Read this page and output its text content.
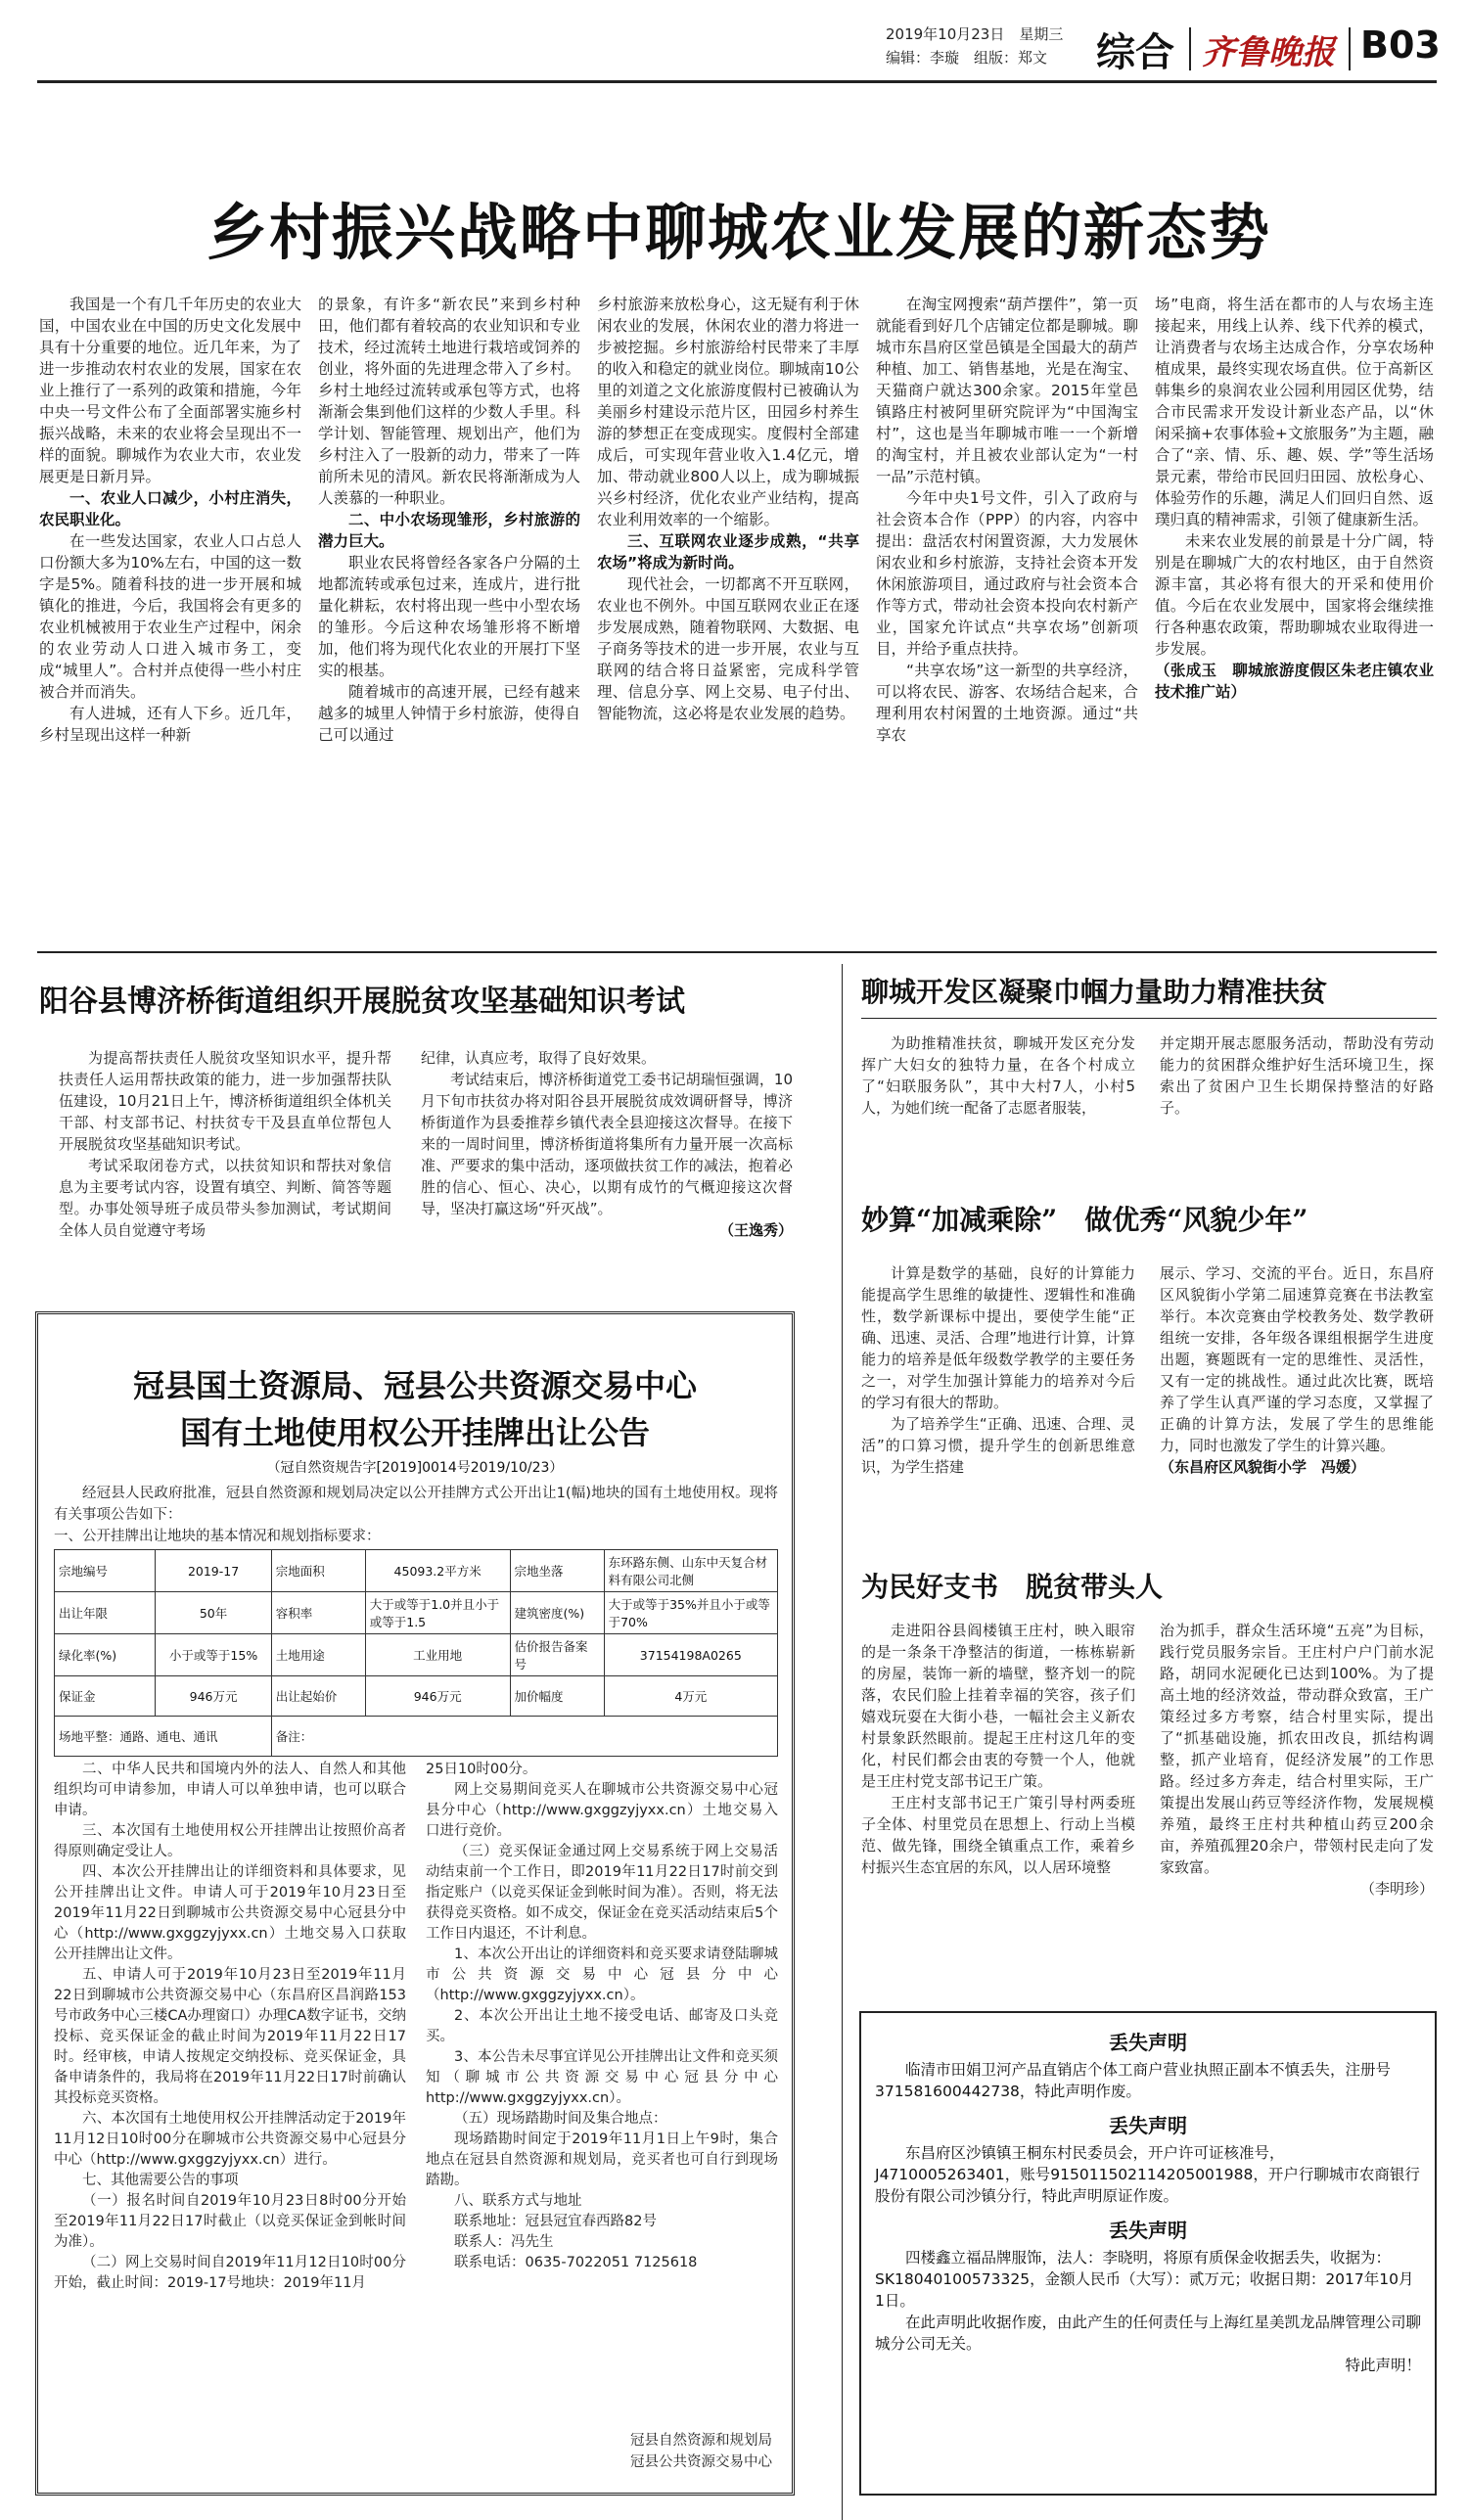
2019年10月23日　星期三
编辑：李璇　组版：郑文 综合 齐鲁晚报 B03
乡村振兴战略中聊城农业发展的新态势

我国是一个有几千年历史的农业大国，中国农业在中国的历史文化发展中具有十分重要的地位。近几年来，为了进一步推动农村农业的发展，国家在农业上推行了一系列的政策和措施，今年中央一号文件公布了全面部署实施乡村振兴战略，未来的农业将会呈现出不一样的面貌。聊城作为农业大市，农业发展更是日新月异。

一、农业人口减少，小村庄消失，农民职业化。

在一些发达国家，农业人口占总人口份额大多为10%左右，中国的这一数字是5%。随着科技的进一步开展和城镇化的推进，今后，我国将会有更多的农业机械被用于农业生产过程中，闲余的农业劳动人口进入城市务工，变成“城里人”。合村并点使得一些小村庄被合并而消失。

有人进城，还有人下乡。近几年，乡村呈现出这样一种新

的景象，有许多“新农民”来到乡村种田，他们都有着较高的农业知识和专业技术，经过流转土地进行栽培或饲养的创业，将外面的先进理念带入了乡村。乡村土地经过流转或承包等方式，也将渐渐会集到他们这样的少数人手里。科学计划、智能管理、规划出产，他们为乡村注入了一股新的动力，带来了一阵前所未见的清风。新农民将渐渐成为人人羡慕的一种职业。

二、中小农场现雏形，乡村旅游的潜力巨大。

职业农民将曾经各家各户分隔的土地都流转或承包过来，连成片，进行批量化耕耘，农村将出现一些中小型农场的雏形。今后这种农场雏形将不断增加，他们将为现代化农业的开展打下坚实的根基。

随着城市的高速开展，已经有越来越多的城里人钟情于乡村旅游，使得自己可以通过

乡村旅游来放松身心，这无疑有利于休闲农业的发展，休闲农业的潜力将进一步被挖掘。乡村旅游给村民带来了丰厚的收入和稳定的就业岗位。聊城南10公里的刘道之文化旅游度假村已被确认为美丽乡村建设示范片区，田园乡村养生游的梦想正在变成现实。度假村全部建成后，可实现年营业收入1.4亿元，增加、带动就业800人以上，成为聊城振兴乡村经济，优化农业产业结构，提高农业利用效率的一个缩影。

三、互联网农业逐步成熟，“共享农场”将成为新时尚。

现代社会，一切都离不开互联网，农业也不例外。中国互联网农业正在逐步发展成熟，随着物联网、大数据、电子商务等技术的进一步开展，农业与互联网的结合将日益紧密，完成科学管理、信息分享、网上交易、电子付出、智能物流，这必将是农业发展的趋势。

在淘宝网搜索“葫芦摆件”，第一页就能看到好几个店铺定位都是聊城。聊城市东昌府区堂邑镇是全国最大的葫芦种植、加工、销售基地，光是在淘宝、天猫商户就达300余家。2015年堂邑镇路庄村被阿里研究院评为“中国淘宝村”，这也是当年聊城市唯一一个新增的淘宝村，并且被农业部认定为“一村一品”示范村镇。

今年中央1号文件，引入了政府与社会资本合作（PPP）的内容，内容中提出：盘活农村闲置资源，大力发展休闲农业和乡村旅游，支持社会资本开发休闲旅游项目，通过政府与社会资本合作等方式，带动社会资本投向农村新产业，国家允许试点“共享农场”创新项目，并给予重点扶持。

“共享农场”这一新型的共享经济，可以将农民、游客、农场结合起来，合理利用农村闲置的土地资源。通过“共享农

场”电商，将生活在都市的人与农场主连接起来，用线上认养、线下代养的模式，让消费者与农场主达成合作，分享农场种植成果，最终实现农场直供。位于高新区韩集乡的泉润农业公园利用园区优势，结合市民需求开发设计新业态产品，以“休闲采摘+农事体验+文旅服务”为主题，融合了“亲、情、乐、趣、娱、学”等生活场景元素，带给市民回归田园、放松身心、体验劳作的乐趣，满足人们回归自然、返璞归真的精神需求，引领了健康新生活。

未来农业发展的前景是十分广阔，特别是在聊城广大的农村地区，由于自然资源丰富，其必将有很大的开采和使用价值。今后在农业发展中，国家将会继续推行各种惠农政策，帮助聊城农业取得进一步发展。

（张成玉　聊城旅游度假区朱老庄镇农业技术推广站）

阳谷县博济桥街道组织开展脱贫攻坚基础知识考试

为提高帮扶责任人脱贫攻坚知识水平，提升帮扶责任人运用帮扶政策的能力，进一步加强帮扶队伍建设，10月21日上午，博济桥街道组织全体机关干部、村支部书记、村扶贫专干及县直单位帮包人开展脱贫攻坚基础知识考试。

考试采取闭卷方式，以扶贫知识和帮扶对象信息为主要考试内容，设置有填空、判断、简答等题型。办事处领导班子成员带头参加测试，考试期间全体人员自觉遵守考场

纪律，认真应考，取得了良好效果。

考试结束后，博济桥街道党工委书记胡瑞恒强调，10月下旬市扶贫办将对阳谷县开展脱贫成效调研督导，博济桥街道作为县委推荐乡镇代表全县迎接这次督导。在接下来的一周时间里，博济桥街道将集所有力量开展一次高标准、严要求的集中活动，逐项做扶贫工作的减法，抱着必胜的信心、恒心、决心，以期有成竹的气概迎接这次督导，坚决打赢这场“歼灭战”。

（王逸秀）

冠县国土资源局、冠县公共资源交易中心
国有土地使用权公开挂牌出让公告
（冠自然资规告字[2019]0014号2019/10/23）

经冠县人民政府批准，冠县自然资源和规划局决定以公开挂牌方式公开出让1(幅)地块的国有土地使用权。现将有关事项公告如下：

一、公开挂牌出让地块的基本情况和规划指标要求：

宗地编号	2019-17	宗地面积	45093.2平方米	宗地坐落	东环路东侧、山东中天复合材料有限公司北侧
出让年限	50年	容积率	大于或等于1.0并且小于或等于1.5	建筑密度(%)	大于或等于35%并且小于或等于70%
绿化率(%)	小于或等于15%	土地用途	工业用地	估价报告备案号	37154198A0265
保证金	946万元	出让起始价	946万元	加价幅度	4万元
场地平整：通路、通电、通讯		备注：			

二、中华人民共和国境内外的法人、自然人和其他组织均可申请参加，申请人可以单独申请，也可以联合申请。

三、本次国有土地使用权公开挂牌出让按照价高者得原则确定受让人。

四、本次公开挂牌出让的详细资料和具体要求，见公开挂牌出让文件。申请人可于2019年10月23日至2019年11月22日到聊城市公共资源交易中心冠县分中心（http://www.gxggzyjyxx.cn）土地交易入口获取公开挂牌出让文件。

五、申请人可于2019年10月23日至2019年11月22日到聊城市公共资源交易中心（东昌府区昌润路153号市政务中心三楼CA办理窗口）办理CA数字证书，交纳投标、竞买保证金的截止时间为2019年11月22日17时。经审核，申请人按规定交纳投标、竞买保证金，具备申请条件的，我局将在2019年11月22日17时前确认其投标竞买资格。

六、本次国有土地使用权公开挂牌活动定于2019年11月12日10时00分在聊城市公共资源交易中心冠县分中心（http://www.gxggzyjyxx.cn）进行。

七、其他需要公告的事项

（一）报名时间自2019年10月23日8时00分开始至2019年11月22日17时截止（以竞买保证金到帐时间为准）。

（二）网上交易时间自2019年11月12日10时00分开始，截止时间：2019-17号地块：2019年11月

25日10时00分。

网上交易期间竞买人在聊城市公共资源交易中心冠县分中心（http://www.gxggzyjyxx.cn）土地交易入口进行竞价。

（三）竞买保证金通过网上交易系统于网上交易活动结束前一个工作日，即2019年11月22日17时前交到指定账户（以竞买保证金到帐时间为准）。否则，将无法获得竞买资格。如不成交，保证金在竞买活动结束后5个工作日内退还，不计利息。

1、本次公开出让的详细资料和竞买要求请登陆聊城市公共资源交易中心冠县分中心（http://www.gxggzyjyxx.cn）。

2、本次公开出让土地不接受电话、邮寄及口头竞买。

3、本公告未尽事宜详见公开挂牌出让文件和竞买须知（聊城市公共资源交易中心冠县分中心http://www.gxggzyjyxx.cn）。

（五）现场踏勘时间及集合地点：

现场踏勘时间定于2019年11月1日上午9时，集合地点在冠县自然资源和规划局，竞买者也可自行到现场踏勘。

八、联系方式与地址

联系地址：冠县冠宜春西路82号

联系人：冯先生

联系电话：0635-7022051 7125618

冠县自然资源和规划局
冠县公共资源交易中心
聊城开发区凝聚巾帼力量助力精准扶贫

为助推精准扶贫，聊城开发区充分发挥广大妇女的独特力量，在各个村成立了“妇联服务队”，其中大村7人，小村5人，为她们统一配备了志愿者服装，

并定期开展志愿服务活动，帮助没有劳动能力的贫困群众维护好生活环境卫生，探索出了贫困户卫生长期保持整洁的好路子。

妙算“加减乘除”　做优秀“风貌少年”

计算是数学的基础，良好的计算能力能提高学生思维的敏捷性、逻辑性和准确性，数学新课标中提出，要使学生能“正确、迅速、灵活、合理”地进行计算，计算能力的培养是低年级数学教学的主要任务之一，对学生加强计算能力的培养对今后的学习有很大的帮助。

为了培养学生“正确、迅速、合理、灵活”的口算习惯，提升学生的创新思维意识，为学生搭建

展示、学习、交流的平台。近日，东昌府区风貌街小学第二届速算竞赛在书法教室举行。本次竞赛由学校教务处、数学教研组统一安排，各年级各课组根据学生进度出题，赛题既有一定的思维性、灵活性，又有一定的挑战性。通过此次比赛，既培养了学生认真严谨的学习态度，又掌握了正确的计算方法，发展了学生的思维能力，同时也激发了学生的计算兴趣。

（东昌府区风貌街小学　冯媛）

为民好支书　脱贫带头人

走进阳谷县阎楼镇王庄村，映入眼帘的是一条条干净整洁的街道，一栋栋崭新的房屋，装饰一新的墙壁，整齐划一的院落，农民们脸上挂着幸福的笑容，孩子们嬉戏玩耍在大街小巷，一幅社会主义新农村景象跃然眼前。提起王庄村这几年的变化，村民们都会由衷的夸赞一个人，他就是王庄村党支部书记王广策。

王庄村支部书记王广策引导村两委班子全体、村里党员在思想上、行动上当模范、做先锋，围绕全镇重点工作，乘着乡村振兴生态宜居的东风，以人居环境整

治为抓手，群众生活环境“五亮”为目标，践行党员服务宗旨。王庄村户户门前水泥路，胡同水泥硬化已达到100%。为了提高土地的经济效益，带动群众致富，王广策经过多方考察，结合村里实际，提出了“抓基础设施，抓农田改良，抓结构调整，抓产业培育，促经济发展”的工作思路。经过多方奔走，结合村里实际，王广策提出发展山药豆等经济作物，发展规模养殖，最终王庄村共种植山药豆200余亩，养殖孤狸20余户，带领村民走向了发家致富。

（李明珍）

丢失声明

临清市田娟卫河产品直销店个体工商户营业执照正副本不慎丢失，注册号371581600442738，特此声明作废。

丢失声明

东昌府区沙镇镇王桐东村民委员会，开户许可证核准号，J4710005263401，账号915011502114205001988，开户行聊城市农商银行股份有限公司沙镇分行，特此声明原证作废。

丢失声明

四楼鑫立福品牌服饰，法人：李晓明，将原有质保金收据丢失，收据为：SK18040100573325，金额人民币（大写）：贰万元；收据日期：2017年10月1日。

在此声明此收据作废，由此产生的任何责任与上海红星美凯龙品牌管理公司聊城分公司无关。

特此声明！
